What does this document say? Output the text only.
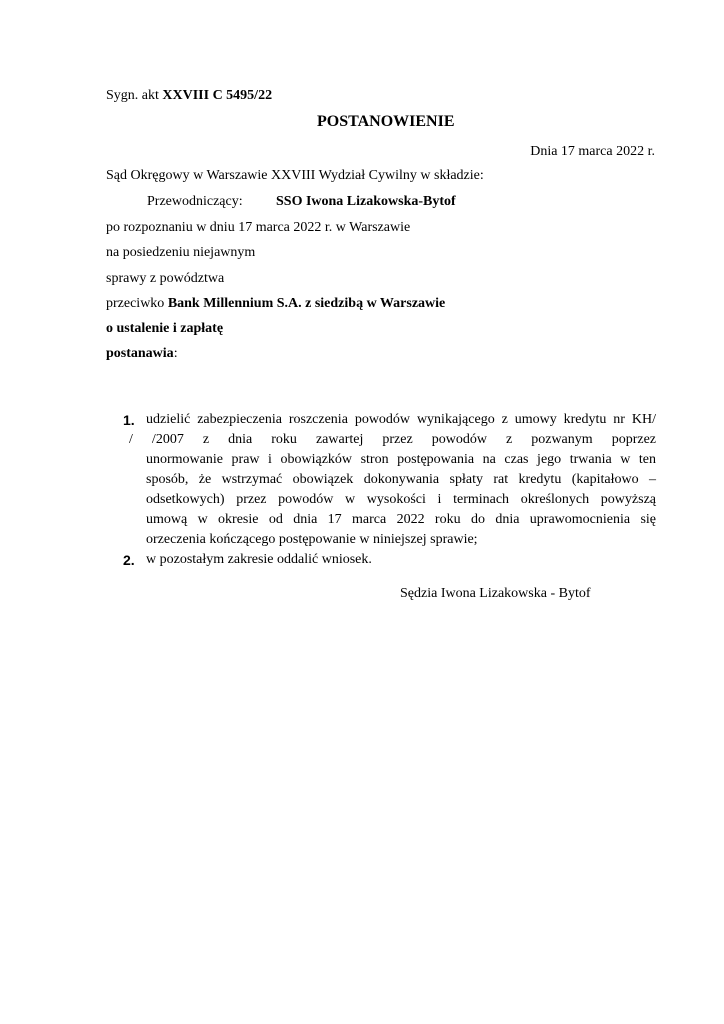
Sygn. akt XXVIII C 5495/22
POSTANOWIENIE
Dnia 17 marca 2022 r.
Sąd Okręgowy w Warszawie XXVIII Wydział Cywilny w składzie:
Przewodniczący: SSO Iwona Lizakowska-Bytof
po rozpoznaniu w dniu 17 marca 2022 r. w Warszawie
na posiedzeniu niejawnym
sprawy z powództwa
przeciwko Bank Millennium S.A. z siedzibą w Warszawie
o ustalenie i zapłatę
postanawia:
1. udzielić zabezpieczenia roszczenia powodów wynikającego z umowy kredytu nr KH/
/ /2007 z dnia roku zawartej przez powodów z pozwanym poprzez
unormowanie praw i obowiązków stron postępowania na czas jego trwania w ten
sposób, że wstrzymać obowiązek dokonywania spłaty rat kredytu (kapitałowo –
odsetkowych) przez powodów w wysokości i terminach określonych powyższą
umową w okresie od dnia 17 marca 2022 roku do dnia uprawomocnienia się
orzeczenia kończącego postępowanie w niniejszej sprawie;
2. w pozostałym zakresie oddalić wniosek.
Sędzia Iwona Lizakowska - Bytof
